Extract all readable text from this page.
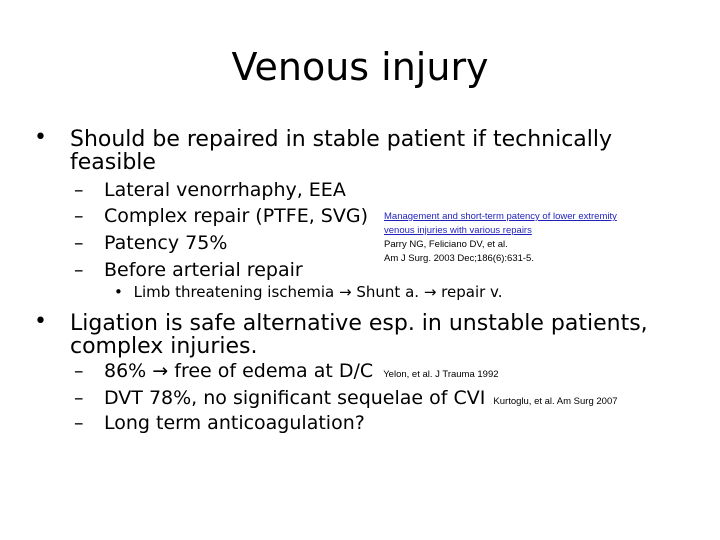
Venous injury
• Should be repaired in stable patient if technically
feasible
– Lateral venorrhaphy, EEA
– Complex repair (PTFE, SVG)
– Patency 75%
– Before arterial repair
Management and short-term patency of lower extremity
venous injuries with various repairs
Parry NG, Feliciano DV, et al.
Am J Surg. 2003 Dec;186(6):631-5.
• Limb threatening ischemia → Shunt a. → repair v.
• Ligation is safe alternative esp. in unstable patients,
complex injuries.
– 86% → free of edema at D/C Yelon, et al. J Trauma 1992
– DVT 78%, no significant sequelae of CVI Kurtoglu, et al. Am Surg 2007
– Long term anticoagulation?
